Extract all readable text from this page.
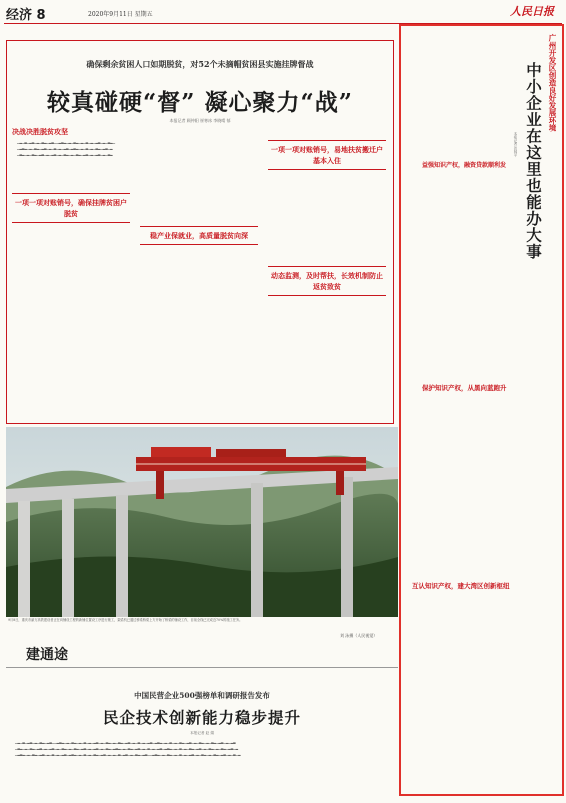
经济 8	2020年9月11日 星期五	人民日报
确保剩余贫困人口如期脱贫，对52个未摘帽贫困县实施挂牌督战
较真碰硬“督” 凝心聚力“战”
本报记者 顾仲阳 崔寒冰 李晓晴 郁
决战决胜脱贫攻坚

▁▂▁▃▁▂▃▁▂▁▃▂▁▂▃▁▁▂▃▂▁▂▁▃▂▁▂▁▃▁▂▁▂▃▁▂▁▃▂▁

▁▂▃▂▁▂▁▃▂▁▂▃▁▂▁▃▁▂▁▂▃▁▂▃▂▁▂▁▃▁▂▁▃▂▁▂▃▁▂

▁▃▂▁▂▁▃▂▁▂▃▁▂▁▂▃▁▂▁▃▂▁▂▁▃▂▁▂▃▁▂▁▂▃▁▂▁▃▂

一项一项对账销号，确保挂牌贫困户脱贫
稳产业保就业，高质量脱贫向深
一项一项对账销号，易地扶贫搬迁户基本入住
动态监测，及时帮扶，长效机制防止返贫致贫
9月8日，重庆市渝万高铁建设者正在向铺设工程的新铺位置设工序进行施工，架梁机已通过桥梁桥梁上方开始了桥梁的铺设工作，目前全线已完成近70%的施工任务。
刘 泳摄（人民视觉）
建通途
中国民营企业500强榜单和调研报告发布
民企技术创新能力稳步提升
本报记者 赵 娟

▁▂▁▃▁▂▃▁▂▁▃▂▁▂▃▁▁▂▃▂▁▂▁▃▂▁▂▁▃▁▂▁▂▃▁▂▁▃▂▁▂▁▃▂▁▂▃▁▂▁▃▁▂▁▂▃▁▂▃▂▁▂▁▃▁▂▁▃▂▁▂▃▁▂▁▃▂▁▂▁▃▂▁▂▃▁▂▁▂▃

▁▃▂▁▂▁▃▂▁▂▃▁▂▁▂▃▁▂▁▃▂▁▂▁▃▂▁▂▃▁▂▁▂▃▁▂▁▃▂▁▂▃▂▁▂▁▃▂▁▂▃▁▂▁▃▁▂▁▂▃▁▂▃▂▁▂▁▃▁▂▁▃▂▁▂▃▁▂▁▃▂▁▂▁▃▂▁▂▃▁▂

▁▂▃▂▁▂▁▃▂▁▂▃▁▂▁▃▁▂▁▂▃▁▂▃▂▁▂▁▃▁▂▁▃▂▁▂▃▁▂▁▂▁▃▁▂▃▁▂▁▃▂▁▂▃▁▁▂▃▂▁▂▁▃▂▁▂▁▃▁▂▁▂▃▁▂▁▃▂▁▂▁▃▂▁▂▃▁▂▁▃▁▂

广州开发区创造良好发展环境
中小企业在这里也能办大事
本报记者 贺林平
益强知识产权，融资贷款顺利发
保护知识产权，从黑向蓝跑升
互认知识产权，建大湾区创新枢纽
